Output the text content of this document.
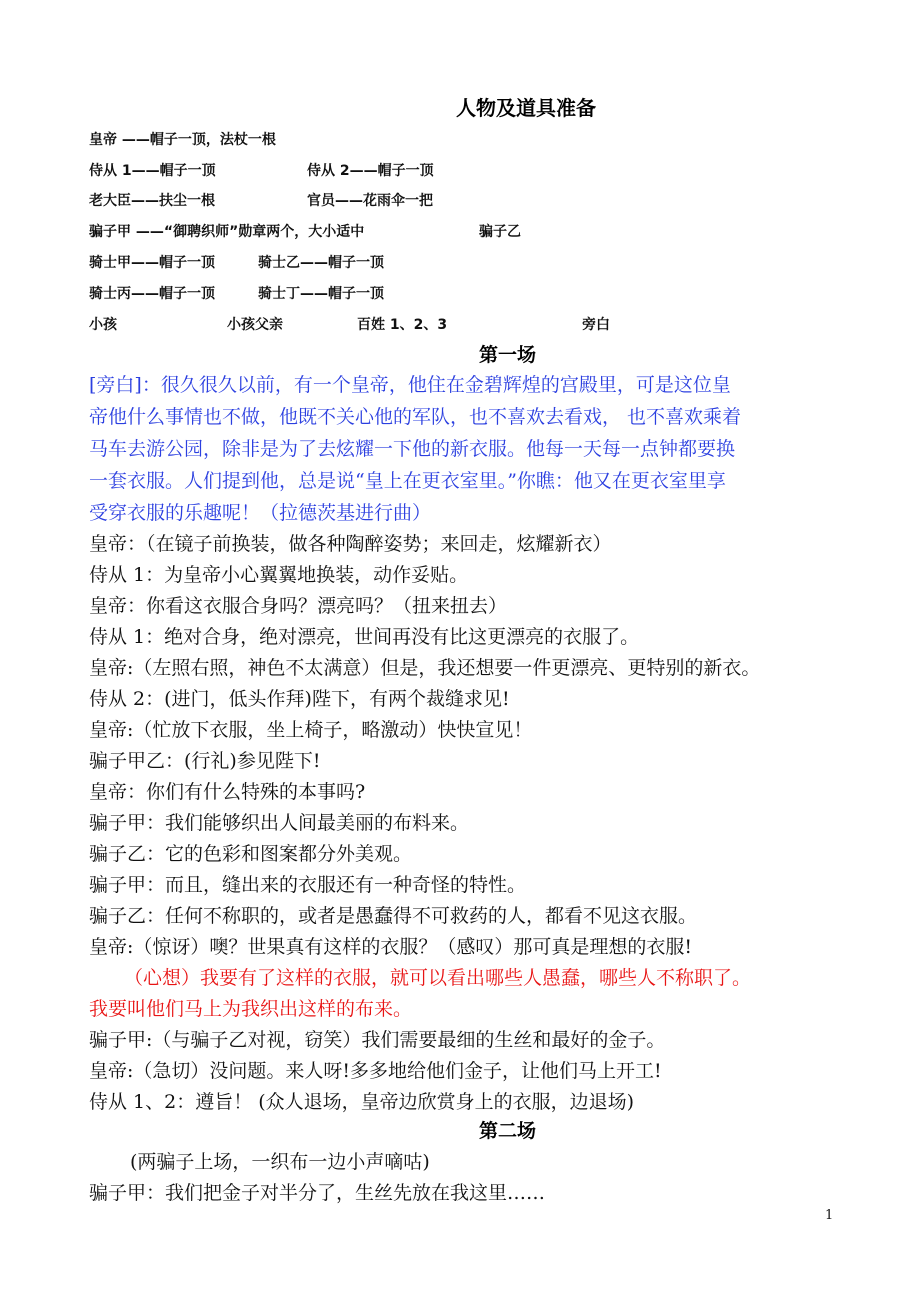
人物及道具准备
皇帝 ——帽子一顶，法杖一根
侍从 1——帽子一顶	侍从 2——帽子一顶
老大臣——扶尘一根	官员——花雨伞一把
骗子甲 ——“御聘织师”勋章两个，大小适中	骗子乙
骑士甲——帽子一顶	骑士乙——帽子一顶
骑士丙——帽子一顶	骑士丁——帽子一顶
小孩	小孩父亲	百姓 1、2、3	旁白
第一场
[旁白]：很久很久以前，有一个皇帝，他住在金碧辉煌的宫殿里，可是这位皇
帝他什么事情也不做，他既不关心他的军队，也不喜欢去看戏， 也不喜欢乘着
马车去游公园，除非是为了去炫耀一下他的新衣服。他每一天每一点钟都要换
一套衣服。人们提到他，总是说“皇上在更衣室里。”你瞧：他又在更衣室里享
受穿衣服的乐趣呢！（拉德茨基进行曲）
皇帝：（在镜子前换装，做各种陶醉姿势；来回走，炫耀新衣）
侍从 1：为皇帝小心翼翼地换装，动作妥贴。
皇帝：你看这衣服合身吗？漂亮吗？（扭来扭去）
侍从 1：绝对合身，绝对漂亮，世间再没有比这更漂亮的衣服了。
皇帝:（左照右照，神色不太满意）但是，我还想要一件更漂亮、更特别的新衣。
侍从 2：(进门，低头作拜)陛下，有两个裁缝求见!
皇帝:（忙放下衣服，坐上椅子，略激动）快快宣见！
骗子甲乙：(行礼)参见陛下!
皇帝：你们有什么特殊的本事吗?
骗子甲：我们能够织出人间最美丽的布料来。
骗子乙：它的色彩和图案都分外美观。
骗子甲：而且，缝出来的衣服还有一种奇怪的特性。
骗子乙：任何不称职的，或者是愚蠢得不可救药的人，都看不见这衣服。
皇帝:（惊讶）噢？世果真有这样的衣服？（感叹）那可真是理想的衣服!
（心想）我要有了这样的衣服，就可以看出哪些人愚蠢，哪些人不称职了。
我要叫他们马上为我织出这样的布来。
骗子甲:（与骗子乙对视，窃笑）我们需要最细的生丝和最好的金子。
皇帝:（急切）没问题。来人呀!多多地给他们金子，让他们马上开工!
侍从 1、2：遵旨！ (众人退场，皇帝边欣赏身上的衣服，边退场)
第二场
(两骗子上场，一织布一边小声嘀咕)
骗子甲：我们把金子对半分了，生丝先放在我这里……
1
